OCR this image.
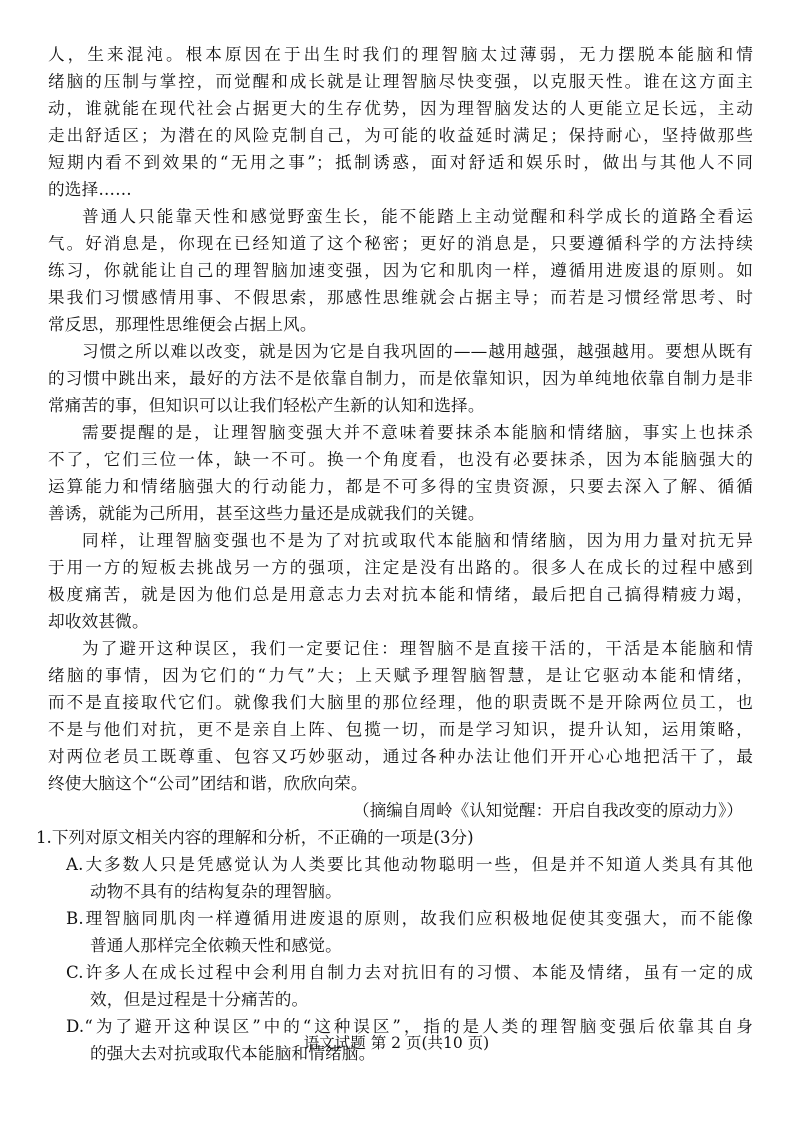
人，生来混沌。根本原因在于出生时我们的理智脑太过薄弱，无力摆脱本能脑和情
绪脑的压制与掌控，而觉醒和成长就是让理智脑尽快变强，以克服天性。谁在这方面主
动，谁就能在现代社会占据更大的生存优势，因为理智脑发达的人更能立足长远，主动
走出舒适区；为潜在的风险克制自己，为可能的收益延时满足；保持耐心，坚持做那些
短期内看不到效果的“无用之事”；抵制诱惑，面对舒适和娱乐时，做出与其他人不同
的选择……
普通人只能靠天性和感觉野蛮生长，能不能踏上主动觉醒和科学成长的道路全看运
气。好消息是，你现在已经知道了这个秘密；更好的消息是，只要遵循科学的方法持续
练习，你就能让自己的理智脑加速变强，因为它和肌肉一样，遵循用进废退的原则。如
果我们习惯感情用事、不假思索，那感性思维就会占据主导；而若是习惯经常思考、时
常反思，那理性思维便会占据上风。
习惯之所以难以改变，就是因为它是自我巩固的——越用越强，越强越用。要想从既有
的习惯中跳出来，最好的方法不是依靠自制力，而是依靠知识，因为单纯地依靠自制力是非
常痛苦的事，但知识可以让我们轻松产生新的认知和选择。
需要提醒的是，让理智脑变强大并不意味着要抹杀本能脑和情绪脑，事实上也抹杀
不了，它们三位一体，缺一不可。换一个角度看，也没有必要抹杀，因为本能脑强大的
运算能力和情绪脑强大的行动能力，都是不可多得的宝贵资源，只要去深入了解、循循
善诱，就能为己所用，甚至这些力量还是成就我们的关键。
同样，让理智脑变强也不是为了对抗或取代本能脑和情绪脑，因为用力量对抗无异
于用一方的短板去挑战另一方的强项，注定是没有出路的。很多人在成长的过程中感到
极度痛苦，就是因为他们总是用意志力去对抗本能和情绪，最后把自己搞得精疲力竭，
却收效甚微。
为了避开这种误区，我们一定要记住：理智脑不是直接干活的，干活是本能脑和情
绪脑的事情，因为它们的“力气”大；上天赋予理智脑智慧，是让它驱动本能和情绪，
而不是直接取代它们。就像我们大脑里的那位经理，他的职责既不是开除两位员工，也
不是与他们对抗，更不是亲自上阵、包揽一切，而是学习知识，提升认知，运用策略，
对两位老员工既尊重、包容又巧妙驱动，通过各种办法让他们开开心心地把活干了，最
终使大脑这个“公司”团结和谐，欣欣向荣。
（摘编自周岭《认知觉醒：开启自我改变的原动力》）
1.下列对原文相关内容的理解和分析，不正确的一项是(3分)
A.大多数人只是凭感觉认为人类要比其他动物聪明一些，但是并不知道人类具有其他
动物不具有的结构复杂的理智脑。
B.理智脑同肌肉一样遵循用进废退的原则，故我们应积极地促使其变强大，而不能像
普通人那样完全依赖天性和感觉。
C.许多人在成长过程中会利用自制力去对抗旧有的习惯、本能及情绪，虽有一定的成
效，但是过程是十分痛苦的。
D.“为了避开这种误区”中的“这种误区”，指的是人类的理智脑变强后依靠其自身
的强大去对抗或取代本能脑和情绪脑。
语文试题 第 2 页(共10 页)
